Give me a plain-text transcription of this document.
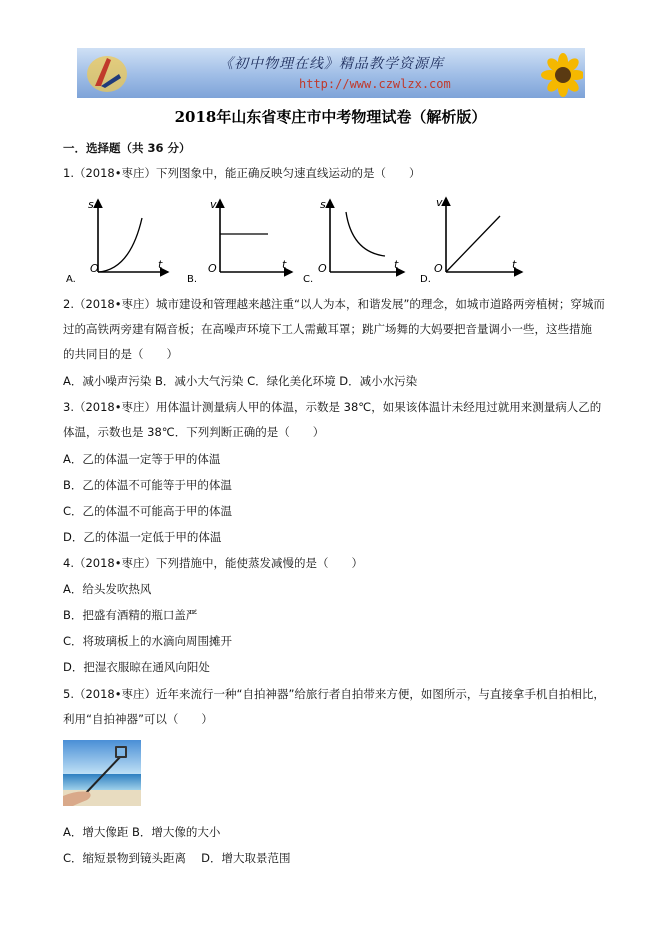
《初中物理在线》精品教学资源库
http://www.czwlzx.com
2018年山东省枣庄市中考物理试卷（解析版）
一．选择题（共 36 分）
1.（2018•枣庄）下列图象中，能正确反映匀速直线运动的是（　　）
s
t
O
A.
v
t
O
B.
s
t
O
C.
v
t
O
D.
2.（2018•枣庄）城市建设和管理越来越注重“以人为本，和谐发展”的理念，如城市道路两旁植树；穿城而
过的高铁两旁建有隔音板；在高噪声环境下工人需戴耳罩；跳广场舞的大妈要把音量调小一些，这些措施
的共同目的是（　　）
A．减小噪声污染 B．减小大气污染 C．绿化美化环境 D．减小水污染
3.（2018•枣庄）用体温计测量病人甲的体温，示数是 38℃，如果该体温计未经甩过就用来测量病人乙的
体温，示数也是 38℃．下列判断正确的是（　　）
A．乙的体温一定等于甲的体温
B．乙的体温不可能等于甲的体温
C．乙的体温不可能高于甲的体温
D．乙的体温一定低于甲的体温
4.（2018•枣庄）下列措施中，能使蒸发减慢的是（　　）
A．给头发吹热风
B．把盛有酒精的瓶口盖严
C．将玻璃板上的水滴向周围摊开
D．把湿衣服晾在通风向阳处
5.（2018•枣庄）近年来流行一种“自拍神器”给旅行者自拍带来方便，如图所示，与直接拿手机自拍相比，
利用“自拍神器”可以（　　）
A．增大像距 B．增大像的大小
C．缩短景物到镜头距离　 D．增大取景范围
